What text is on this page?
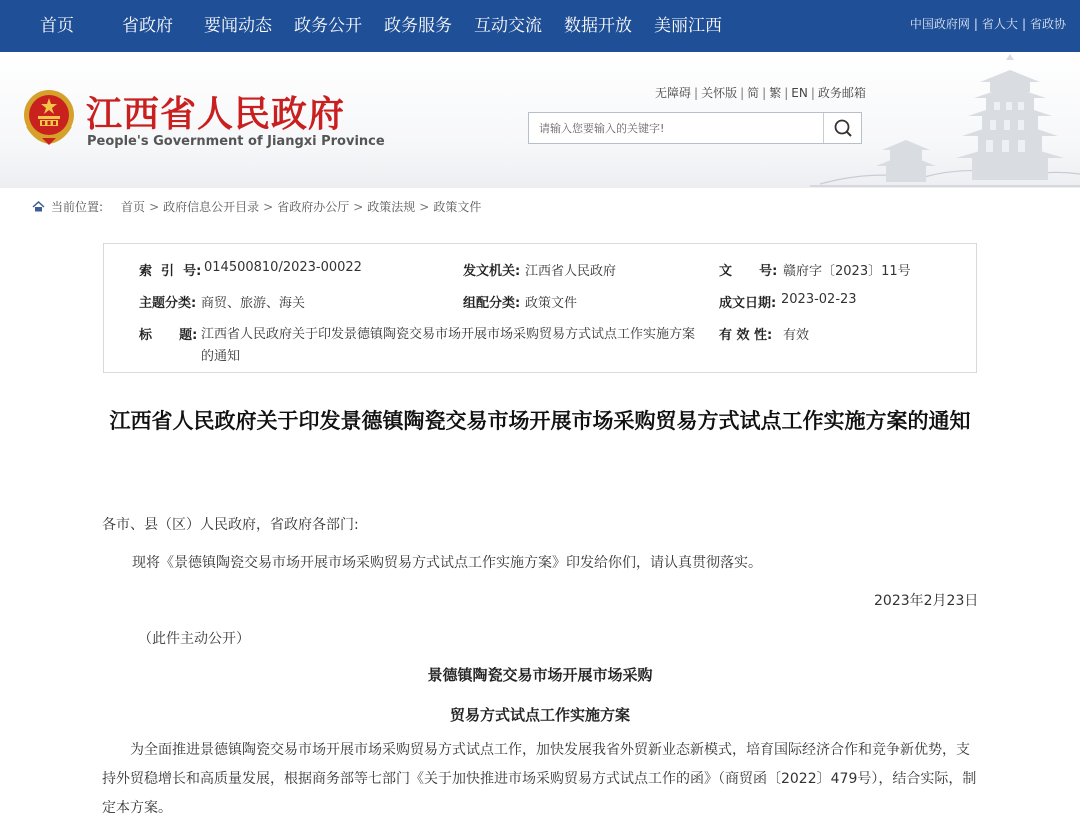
首页	省政府 要闻动态 政务公开 政务服务 互动交流 数据开放 美丽江西	中国政府网 | 省人大 | 省政协
江西省人民政府
People's Government of Jiangxi Province
无障碍 | 关怀版 | 简 | 繁 | EN | 政务邮箱
请输入您要输入的关键字!
当前位置: 首页 > 政府信息公开目录 > 省政府办公厅 > 政策法规 > 政策文件
索  引  号: 014500810/2023-00022	发文机关: 江西省人民政府	文      号: 赣府字〔2023〕11号
主题分类: 商贸、旅游、海关	组配分类: 政策文件	成文日期: 2023-02-23
标      题: 江西省人民政府关于印发景德镇陶瓷交易市场开展市场采购贸易方式试点工作实施方案的通知
有 效 性: 有效
江西省人民政府关于印发景德镇陶瓷交易市场开展市场采购贸易方式试点工作实施方案的通知
各市、县（区）人民政府，省政府各部门:
现将《景德镇陶瓷交易市场开展市场采购贸易方式试点工作实施方案》印发给你们，请认真贯彻落实。
2023年2月23日
（此件主动公开）
景德镇陶瓷交易市场开展市场采购
贸易方式试点工作实施方案
为全面推进景德镇陶瓷交易市场开展市场采购贸易方式试点工作，加快发展我省外贸新业态新模式，培育国际经济合作和竞争新优势，支持外贸稳增长和高质量发展，根据商务部等七部门《关于加快推进市场采购贸易方式试点工作的函》（商贸函〔2022〕479号），结合实际，制定本方案。
